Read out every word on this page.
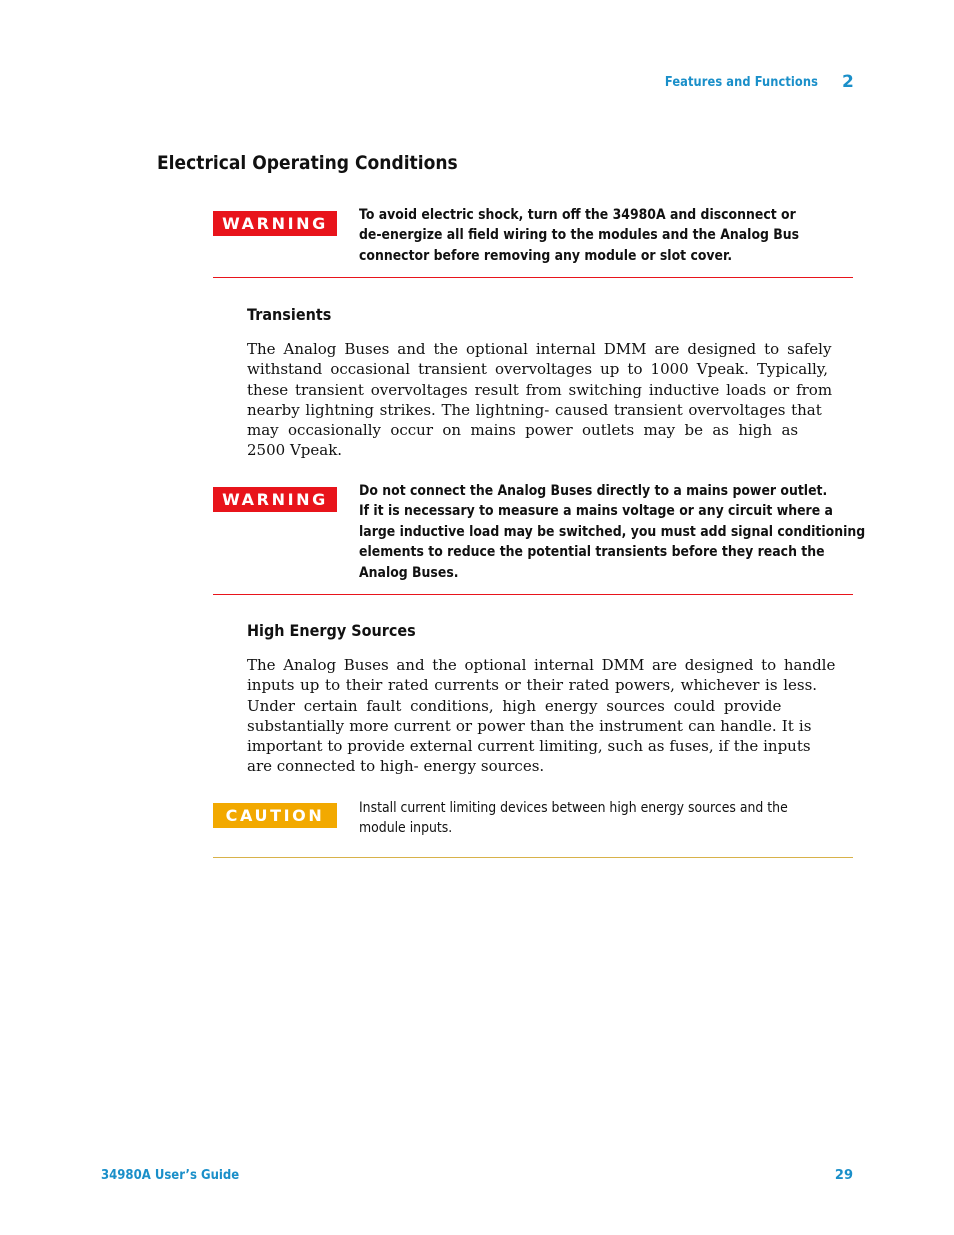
Features and Functions 2
Electrical Operating Conditions
WARNING	To avoid electric shock, turn off the 34980A and disconnect or
de-energize all field wiring to the modules and the Analog Bus
connector before removing any module or slot cover.
Transients
The Analog Buses and the optional internal DMM are designed to safely
withstand occasional transient overvoltages up to 1000 Vpeak. Typically,
these transient overvoltages result from switching inductive loads or from
nearby lightning strikes. The lightning- caused transient overvoltages that
may occasionally occur on mains power outlets may be as high as
2500 Vpeak.
WARNING	Do not connect the Analog Buses directly to a mains power outlet.
If it is necessary to measure a mains voltage or any circuit where a
large inductive load may be switched, you must add signal conditioning
elements to reduce the potential transients before they reach the
Analog Buses.
High Energy Sources
The Analog Buses and the optional internal DMM are designed to handle
inputs up to their rated currents or their rated powers, whichever is less.
Under certain fault conditions, high energy sources could provide
substantially more current or power than the instrument can handle. It is
important to provide external current limiting, such as fuses, if the inputs
are connected to high- energy sources.
CAUTION	Install current limiting devices between high energy sources and the
module inputs.
34980A User’s Guide	29
